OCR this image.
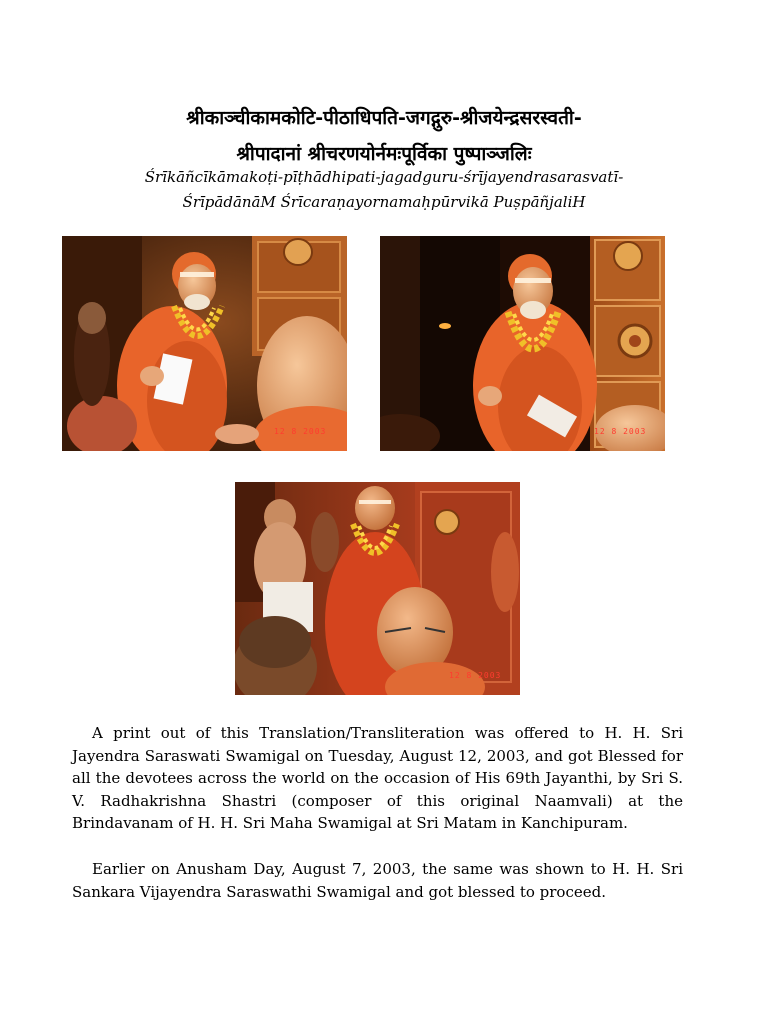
श्रीकाञ्चीकामकोटि-पीठाधिपति-जगद्गुरु-श्रीजयेन्द्रसरस्वती-
श्रीपादानां श्रीचरणयोर्नमःपूर्विका पुष्पाञ्जलिः
Śrīkāñcīkāmakoṭi-pīṭhādhipati-jagadguru-śrījayendrasarasvatī-
ŚrīpādānāM Śrīcaraṇayornamaḥpūrvikā PuṣpāñjaliH
12 8 2003	12 8 2003
12 8 2003

A print out of this Translation/Transliteration was offered to H. H. Sri Jayendra Saraswati Swamigal on Tuesday, August 12, 2003, and got Blessed for all the devotees across the world on the occasion of His 69th Jayanthi, by Sri S. V. Radhakrishna Shastri (composer of this original Naamvali) at the Brindavanam of H. H. Sri Maha Swamigal at Sri Matam in Kanchipuram.

Earlier on Anusham Day, August 7, 2003, the same was shown to H. H. Sri Sankara Vijayendra Saraswathi Swamigal and got blessed to proceed.
